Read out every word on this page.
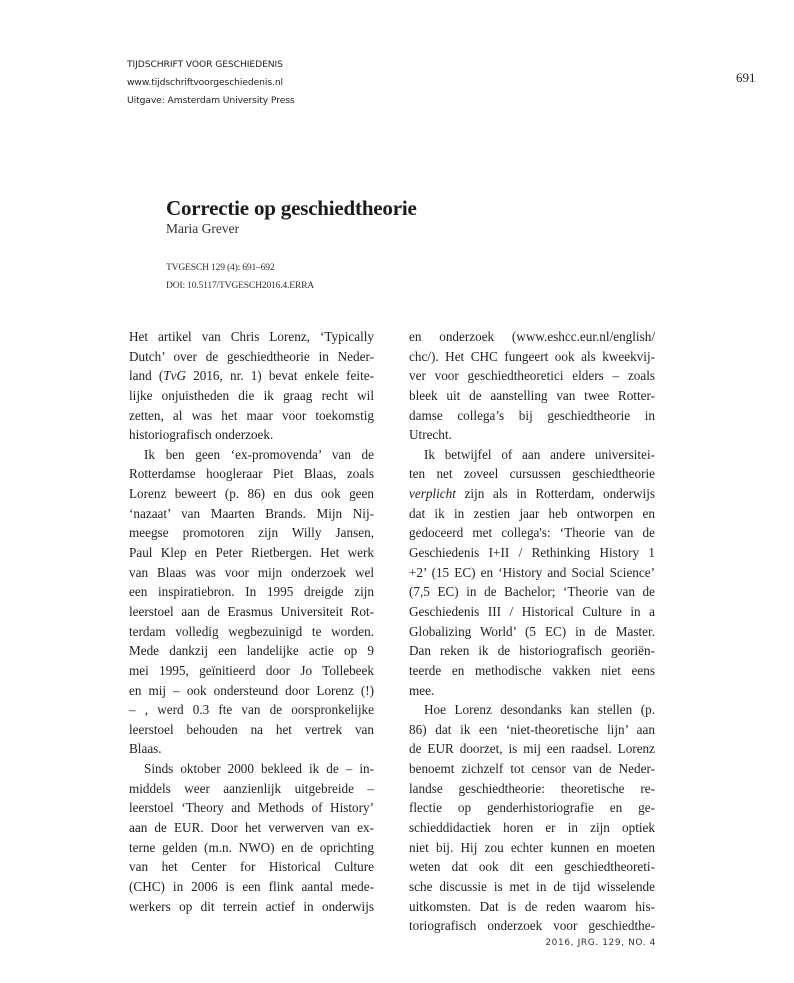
TIJDSCHRIFT VOOR GESCHIEDENIS
www.tijdschriftvoorgeschiedenis.nl
Uitgave: Amsterdam University Press
691
Correctie op geschiedtheorie
Maria Grever
TVGESCH 129 (4): 691–692
DOI: 10.5117/TVGESCH2016.4.ERRA
Het artikel van Chris Lorenz, ‘Typically
Dutch’ over de geschiedtheorie in Neder-
land (TvG 2016, nr. 1) bevat enkele feite-
lijke onjuistheden die ik graag recht wil
zetten, al was het maar voor toekomstig
historiografisch onderzoek.
Ik ben geen ‘ex-promovenda’ van de
Rotterdamse hoogleraar Piet Blaas, zoals
Lorenz beweert (p. 86) en dus ook geen
‘nazaat’ van Maarten Brands. Mijn Nij-
meegse promotoren zijn Willy Jansen,
Paul Klep en Peter Rietbergen. Het werk
van Blaas was voor mijn onderzoek wel
een inspiratiebron. In 1995 dreigde zijn
leerstoel aan de Erasmus Universiteit Rot-
terdam volledig wegbezuinigd te worden.
Mede dankzij een landelijke actie op 9
mei 1995, geïnitieerd door Jo Tollebeek
en mij – ook ondersteund door Lorenz (!)
– , werd 0.3 fte van de oorspronkelijke
leerstoel behouden na het vertrek van
Blaas.
Sinds oktober 2000 bekleed ik de – in-
middels weer aanzienlijk uitgebreide –
leerstoel ‘Theory and Methods of History’
aan de EUR. Door het verwerven van ex-
terne gelden (m.n. NWO) en de oprichting
van het Center for Historical Culture
(CHC) in 2006 is een flink aantal mede-
werkers op dit terrein actief in onderwijs
en onderzoek (www.eshcc.eur.nl/english/
chc/). Het CHC fungeert ook als kweekvij-
ver voor geschiedtheoretici elders – zoals
bleek uit de aanstelling van twee Rotter-
damse collega’s bij geschiedtheorie in
Utrecht.
Ik betwijfel of aan andere universitei-
ten net zoveel cursussen geschiedtheorie
verplicht zijn als in Rotterdam, onderwijs
dat ik in zestien jaar heb ontworpen en
gedoceerd met collega's: ‘Theorie van de
Geschiedenis I+II / Rethinking History 1
+2’ (15 EC) en ‘History and Social Science’
(7,5 EC) in de Bachelor; ‘Theorie van de
Geschiedenis III / Historical Culture in a
Globalizing World’ (5 EC) in de Master.
Dan reken ik de historiografisch georiën-
teerde en methodische vakken niet eens
mee.
Hoe Lorenz desondanks kan stellen (p.
86) dat ik een ‘niet-theoretische lijn’ aan
de EUR doorzet, is mij een raadsel. Lorenz
benoemt zichzelf tot censor van de Neder-
landse geschiedtheorie: theoretische re-
flectie op genderhistoriografie en ge-
schieddidactiek horen er in zijn optiek
niet bij. Hij zou echter kunnen en moeten
weten dat ook dit een geschiedtheoreti-
sche discussie is met in de tijd wisselende
uitkomsten. Dat is de reden waarom his-
toriografisch onderzoek voor geschiedthe-
2016, JRG. 129, NO. 4
